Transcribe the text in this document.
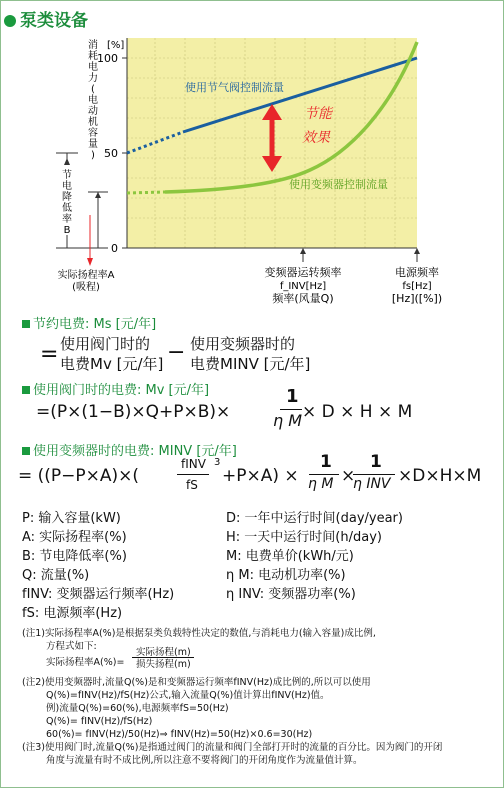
泵类设备
[%]
100
50
0
消耗电力(电动机容量)
使用节气阀控制流量
使用变频器控制流量
节能
效果
节电降低率 B
实际扬程率A
(吸程)
变频器运转频率
f_INV[Hz]
频率(风量Q)
电源频率
fs[Hz]
[Hz]([%])
节约电费: Ms [元/年]
= 使用阀门时的
电费Mv [元/年] − 使用变频器时的
电费MINV [元/年]
使用阀门时的电费: Mv [元/年]
=(P×(1−B)×Q+P×B)×
1
η M × D × H × M
使用变频器时的电费: MINV [元/年]
= ((P−P×A)×(
fINV
fS
3
+P×A) ×
1
η M ×
1
η INV ×D×H×M
P: 输入容量(kW)
A: 实际扬程率(%)
B: 节电降低率(%)
Q: 流量(%)
fINV: 变频器运行频率(Hz)
fS: 电源频率(Hz)
D: 一年中运行时间(day/year)
H: 一天中运行时间(h/day)
M: 电费单价(kWh/元)
η M: 电动机功率(%)
η INV: 变频器功率(%)
(注1)实际扬程率A(%)是根据泵类负载特性决定的数值,与消耗电力(输入容量)成比例,
方程式如下:
实际扬程率A(%)=
实际扬程(m)
损失扬程(m)
(注2)使用变频器时,流量Q(%)是和变频器运行频率fINV(Hz)成比例的,所以可以使用
Q(%)=fINV(Hz)/fS(Hz)公式,输入流量Q(%)值计算出fINV(Hz)值。
例)流量Q(%)=60(%),电源频率fS=50(Hz)
Q(%)= fINV(Hz)/fS(Hz)
60(%)= fINV(Hz)/50(Hz)⇒ fINV(Hz)=50(Hz)×0.6=30(Hz)
(注3)使用阀门时,流量Q(%)是指通过阀门的流量和阀门全部打开时的流量的百分比。因为阀门的开闭
角度与流量有时不成比例,所以注意不要将阀门的开闭角度作为流量值计算。
